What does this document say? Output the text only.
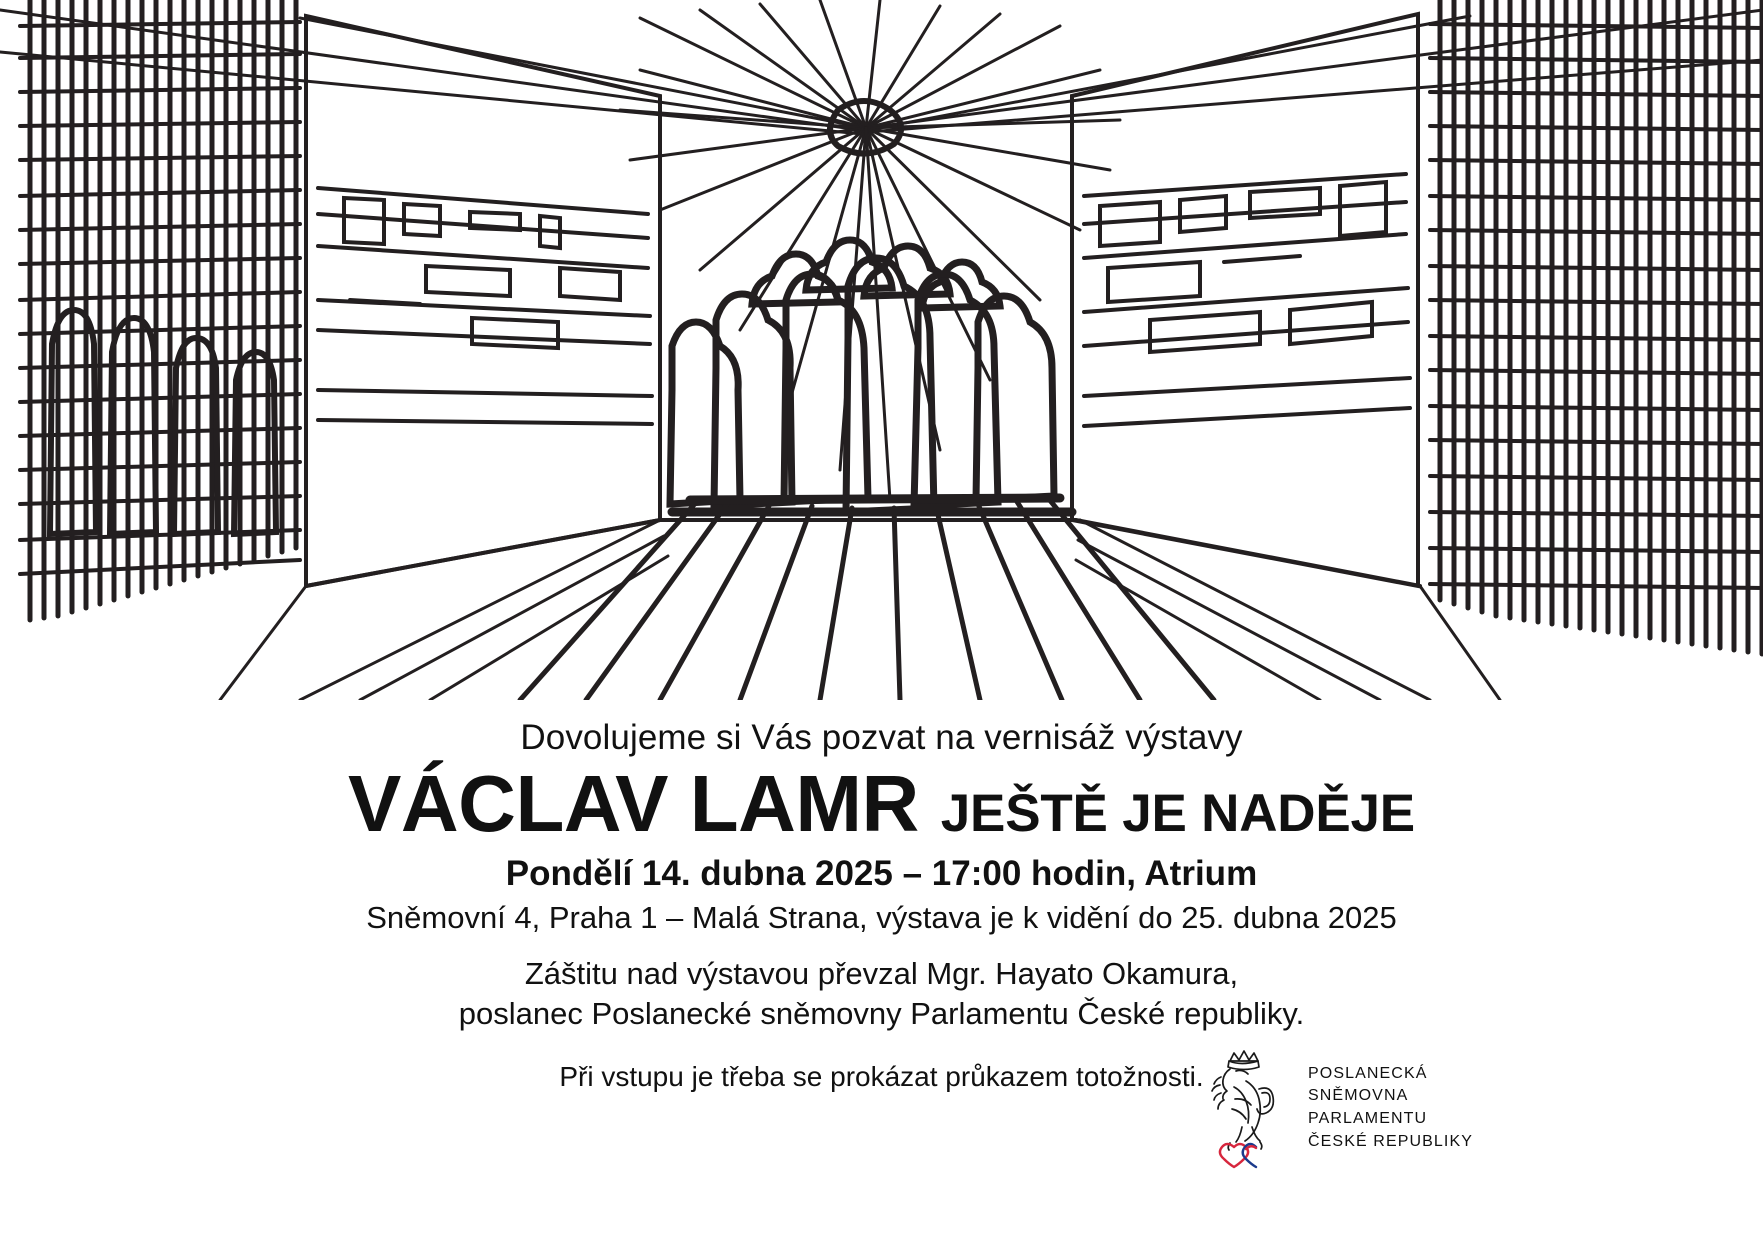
Dovolujeme si Vás pozvat na vernisáž výstavy

VÁCLAV LAMR JEŠTĚ JE NADĚJE

Pondělí 14. dubna 2025 – 17:00 hodin, Atrium

Sněmovní 4, Praha 1 – Malá Strana, výstava je k vidění do 25. dubna 2025

Záštitu nad výstavou převzal Mgr. Hayato Okamura,
poslanec Poslanecké sněmovny Parlamentu České republiky.

Při vstupu je třeba se prokázat průkazem totožnosti.	POSLANECKÁ
SNĚMOVNA
PARLAMENTU
ČESKÉ REPUBLIKY
